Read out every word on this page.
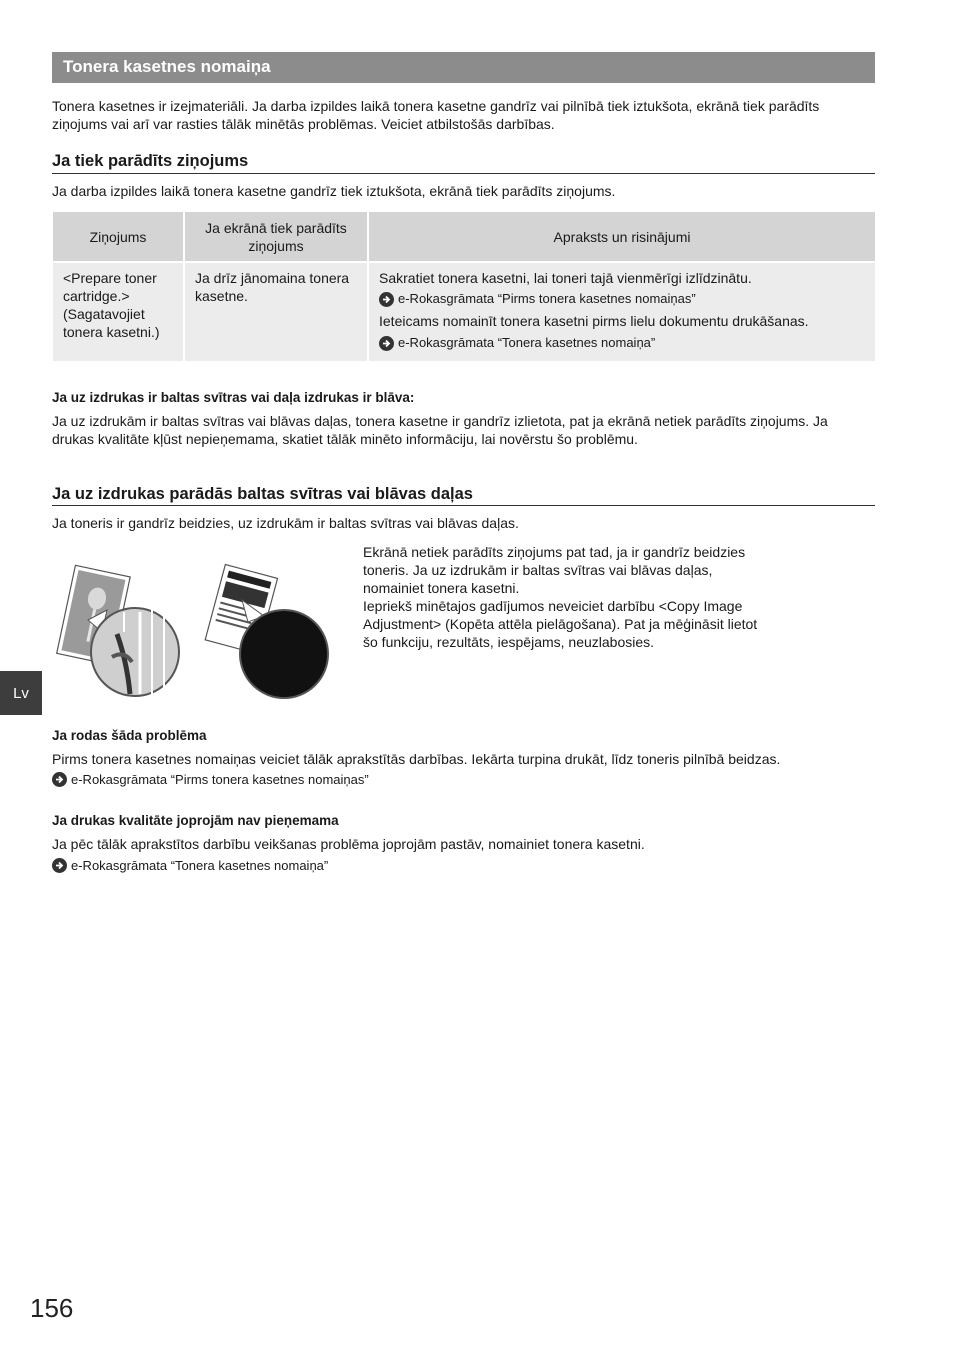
Tonera kasetnes nomaiņa
Tonera kasetnes ir izejmateriāli. Ja darba izpildes laikā tonera kasetne gandrīz vai pilnībā tiek iztukšota, ekrānā tiek parādīts ziņojums vai arī var rasties tālāk minētās problēmas. Veiciet atbilstošās darbības.
Ja tiek parādīts ziņojums
Ja darba izpildes laikā tonera kasetne gandrīz tiek iztukšota, ekrānā tiek parādīts ziņojums.
Ziņojums	Ja ekrānā tiek parādīts ziņojums	Apraksts un risinājumi
<Prepare toner cartridge.> (Sagatavojiet tonera kasetni.)	Ja drīz jānomaina tonera kasetne.	Sakratiet tonera kasetni, lai toneri tajā vienmērīgi izlīdzinātu.
e-Rokasgrāmata “Pirms tonera kasetnes nomaiņas”
Ieteicams nomainīt tonera kasetni pirms lielu dokumentu drukāšanas.
e-Rokasgrāmata “Tonera kasetnes nomaiņa”
Ja uz izdrukas ir baltas svītras vai daļa izdrukas ir blāva:
Ja uz izdrukām ir baltas svītras vai blāvas daļas, tonera kasetne ir gandrīz izlietota, pat ja ekrānā netiek parādīts ziņojums. Ja drukas kvalitāte kļūst nepieņemama, skatiet tālāk minēto informāciju, lai novērstu šo problēmu.
Ja uz izdrukas parādās baltas svītras vai blāvas daļas
Ja toneris ir gandrīz beidzies, uz izdrukām ir baltas svītras vai blāvas daļas.
Ekrānā netiek parādīts ziņojums pat tad, ja ir gandrīz beidzies toneris. Ja uz izdrukām ir baltas svītras vai blāvas daļas, nomainiet tonera kasetni.
Iepriekš minētajos gadījumos neveiciet darbību <Copy Image Adjustment> (Kopēta attēla pielāgošana). Pat ja mēģināsit lietot šo funkciju, rezultāts, iespējams, neuzlabosies.
Ja rodas šāda problēma
Pirms tonera kasetnes nomaiņas veiciet tālāk aprakstītās darbības. Iekārta turpina drukāt, līdz toneris pilnībā beidzas.
e-Rokasgrāmata “Pirms tonera kasetnes nomaiņas”
Ja drukas kvalitāte joprojām nav pieņemama
Ja pēc tālāk aprakstītos darbību veikšanas problēma joprojām pastāv, nomainiet tonera kasetni.
e-Rokasgrāmata “Tonera kasetnes nomaiņa”
Lv
156
